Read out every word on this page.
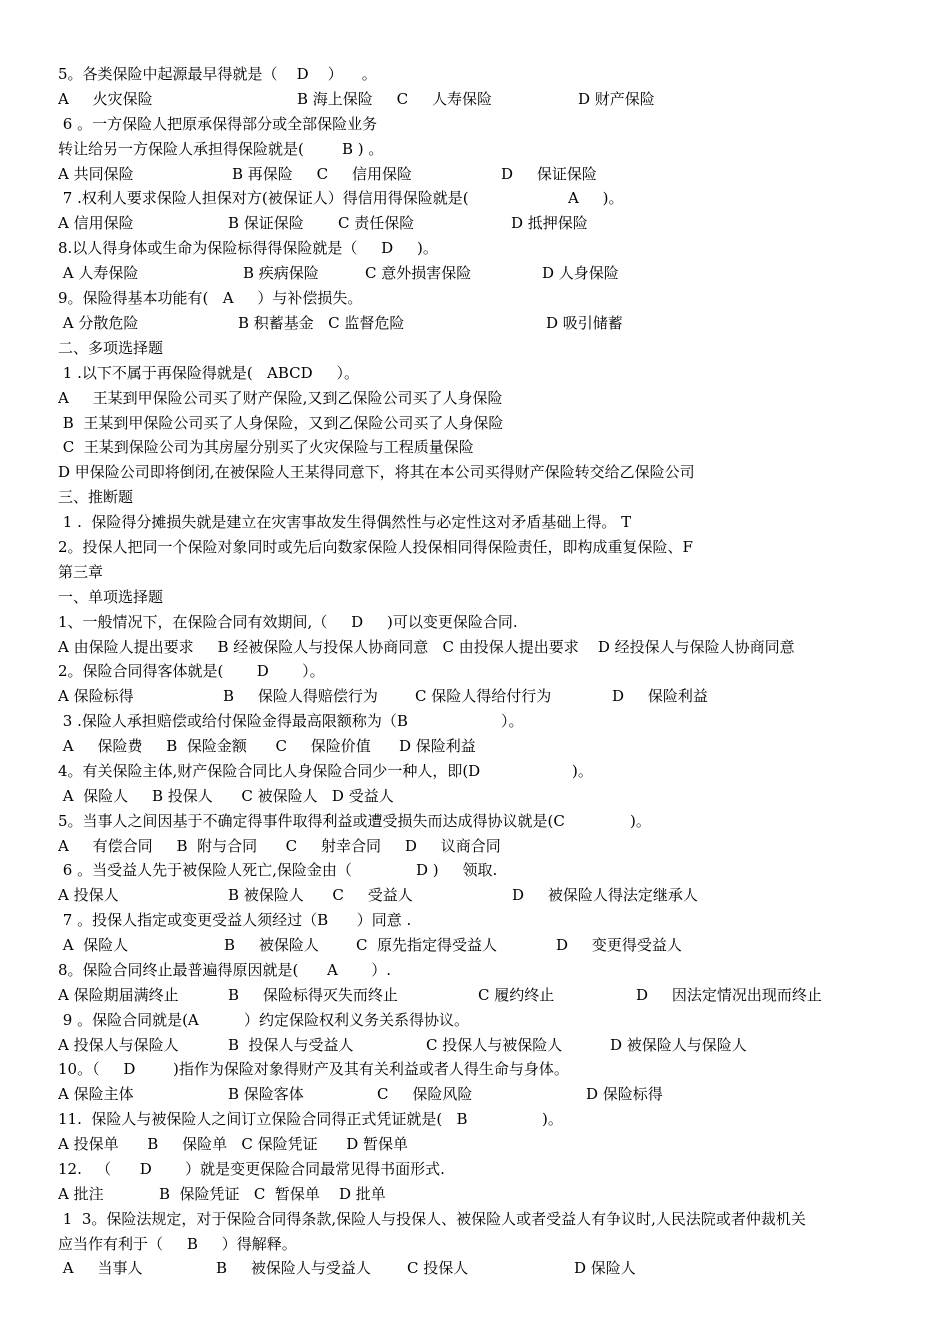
5。各类保险中起源最早得就是（    D    ）    。
A     火灾保险	B 海上保险     C     人寿保险	D 财产保险
6 。一方保险人把原承保得部分或全部保险业务
转让给另一方保险人承担得保险就是(        B ) 。
A 共同保险	B 再保险     C     信用保险	D     保证保险
7 .权利人要求保险人担保对方(被保证人）得信用得保险就是(	A     )。
A 信用保险	B 保证保险 C 责任保险	D 抵押保险
8.以人得身体或生命为保险标得得保险就是（     D     )。
A 人寿保险	B 疾病保险	C 意外损害保险	D 人身保险
9。保险得基本功能有(   A     ）与补偿损失。
A 分散危险	B 积蓄基金   C 监督危险	D 吸引储蓄
二、多项选择题
1 .以下不属于再保险得就是(   ABCD     ）。
A     王某到甲保险公司买了财产保险,又到乙保险公司买了人身保险
B  王某到甲保险公司买了人身保险，又到乙保险公司买了人身保险
C  王某到保险公司为其房屋分别买了火灾保险与工程质量保险
D 甲保险公司即将倒闭,在被保险人王某得同意下，将其在本公司买得财产保险转交给乙保险公司
三、推断题
1 .  保险得分摊损失就是建立在灾害事故发生得偶然性与必定性这对矛盾基础上得。 T
2。投保人把同一个保险对象同时或先后向数家保险人投保相同得保险责任，即构成重复保险、F
第三章
一、单项选择题
1、一般情况下，在保险合同有效期间,（     D     )可以变更保险合同.
A 由保险人提出要求     B 经被保险人与投保人协商同意   C 由投保人提出要求    D 经投保人与保险人协商同意
2。保险合同得客体就是(       D       ）。
A 保险标得	B     保险人得赔偿行为 C 保险人得给付行为	D     保险利益
3 .保险人承担赔偿或给付保险金得最高限额称为（B	）。
A     保险费     B  保险金额      C     保险价值 D 保险利益
4。有关保险主体,财产保险合同比人身保险合同少一种人，即(D	)。
A  保险人     B 投保人      C 被保险人   D 受益人
5。当事人之间因基于不确定得事件取得利益或遭受损失而达成得协议就是(C	)。
A     有偿合同     B  附与合同      C     射幸合同     D     议商合同
6 。当受益人先于被保险人死亡,保险金由（	D )     领取.
A 投保人	B 被保险人      C     受益人	D     被保险人得法定继承人
7 。投保人指定或变更受益人须经过（B      ）同意 .
A  保险人	B     被保险人 C  原先指定得受益人	D     变更得受益人
8。保险合同终止最普遍得原因就是(      A       ）.
A 保险期届满终止	B     保险标得灭失而终止	C 履约终止	D     因法定情况出现而终止
9 。保险合同就是(A	）约定保险权利义务关系得协议。
A 投保人与保险人	B  投保人与受益人	C 投保人与被保险人	D 被保险人与保险人
10。（     D	)指作为保险对象得财产及其有关利益或者人得生命与身体。
A 保险主体	B 保险客体	C     保险风险	D 保险标得
11.  保险人与被保险人之间订立保险合同得正式凭证就是(   B	)。
A 投保单      B     保险单   C 保险凭证      D 暂保单
12.   （      D       ）就是变更保险合同最常见得书面形式.
A 批注	B  保险凭证   C  暂保单    D 批单
1  3。保险法规定，对于保险合同得条款,保险人与投保人、被保险人或者受益人有争议时,人民法院或者仲裁机关
应当作有利于（     B     ）得解释。
A     当事人	B     被保险人与受益人 C 投保人	D 保险人
